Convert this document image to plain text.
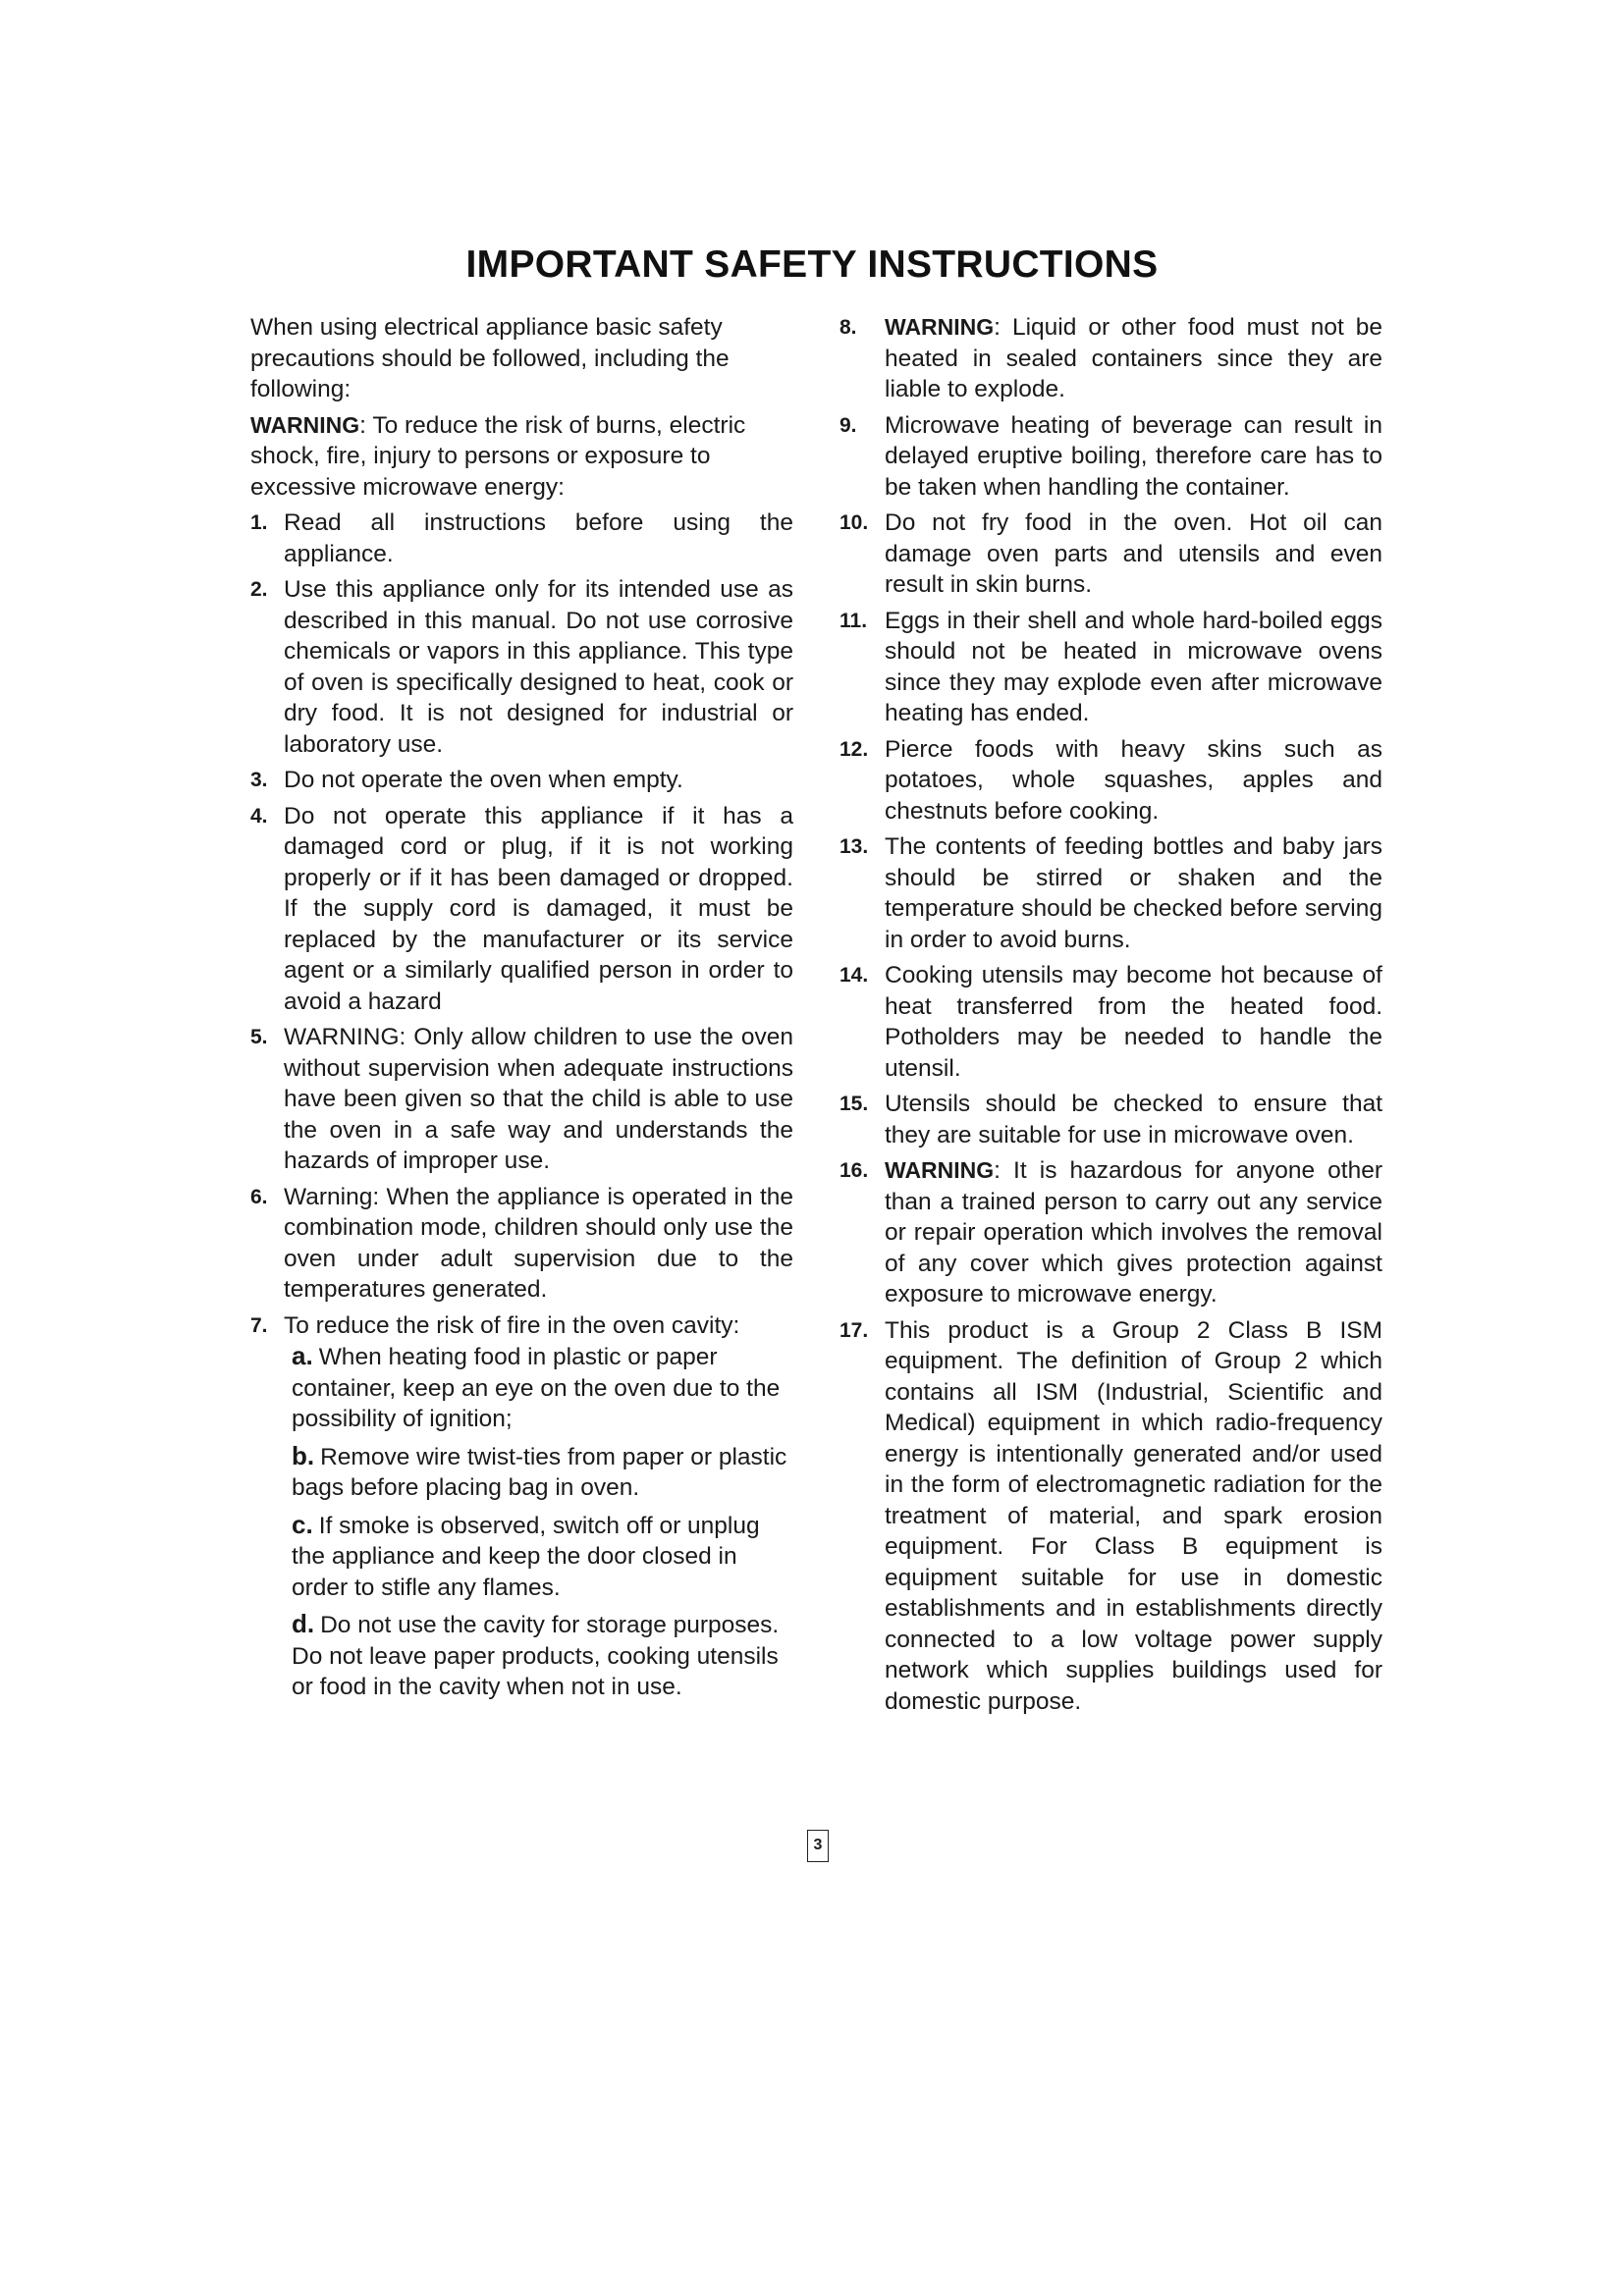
IMPORTANT SAFETY INSTRUCTIONS

When using electrical appliance basic safety precautions should be followed, including the following:

WARNING: To reduce the risk of burns, electric shock, fire, injury to persons or exposure to excessive microwave energy:

1. Read all instructions before using the appliance.
2. Use this appliance only for its intended use as described in this manual. Do not use corrosive chemicals or vapors in this appliance. This type of oven is specifically designed to heat, cook or dry food. It is not designed for industrial or laboratory use.
3. Do not operate the oven when empty.
4. Do not operate this appliance if it has a damaged cord or plug, if it is not working properly or if it has been damaged or dropped. If the supply cord is damaged, it must be replaced by the manufacturer or its service agent or a similarly qualified person in order to avoid a hazard
5. WARNING: Only allow children to use the oven without supervision when adequate instructions have been given so that the child is able to use the oven in a safe way and understands the hazards of improper use.
6. Warning: When the appliance is operated in the combination mode, children should only use the oven under adult supervision due to the temperatures generated.
7. To reduce the risk of fire in the oven cavity:
a. When heating food in plastic or paper container, keep an eye on the oven due to the possibility of ignition;
b. Remove wire twist-ties from paper or plastic bags before placing bag in oven.
c. If smoke is observed, switch off or unplug the appliance and keep the door closed in order to stifle any flames.
d. Do not use the cavity for storage purposes. Do not leave paper products, cooking utensils or food in the cavity when not in use.
8. WARNING: Liquid or other food must not be heated in sealed containers since they are liable to explode.
9. Microwave heating of beverage can result in delayed eruptive boiling, therefore care has to be taken when handling the container.
10. Do not fry food in the oven. Hot oil can damage oven parts and utensils and even result in skin burns.
11. Eggs in their shell and whole hard-boiled eggs should not be heated in microwave ovens since they may explode even after microwave heating has ended.
12. Pierce foods with heavy skins such as potatoes, whole squashes, apples and chestnuts before cooking.
13. The contents of feeding bottles and baby jars should be stirred or shaken and the temperature should be checked before serving in order to avoid burns.
14. Cooking utensils may become hot because of heat transferred from the heated food. Potholders may be needed to handle the utensil.
15. Utensils should be checked to ensure that they are suitable for use in microwave oven.
16. WARNING: It is hazardous for anyone other than a trained person to carry out any service or repair operation which involves the removal of any cover which gives protection against exposure to microwave energy.
17. This product is a Group 2 Class B ISM equipment. The definition of Group 2 which contains all ISM (Industrial, Scientific and Medical) equipment in which radio-frequency energy is intentionally generated and/or used in the form of electromagnetic radiation for the treatment of material, and spark erosion equipment. For Class B equipment is equipment suitable for use in domestic establishments and in establishments directly connected to a low voltage power supply network which supplies buildings used for domestic purpose.
3
